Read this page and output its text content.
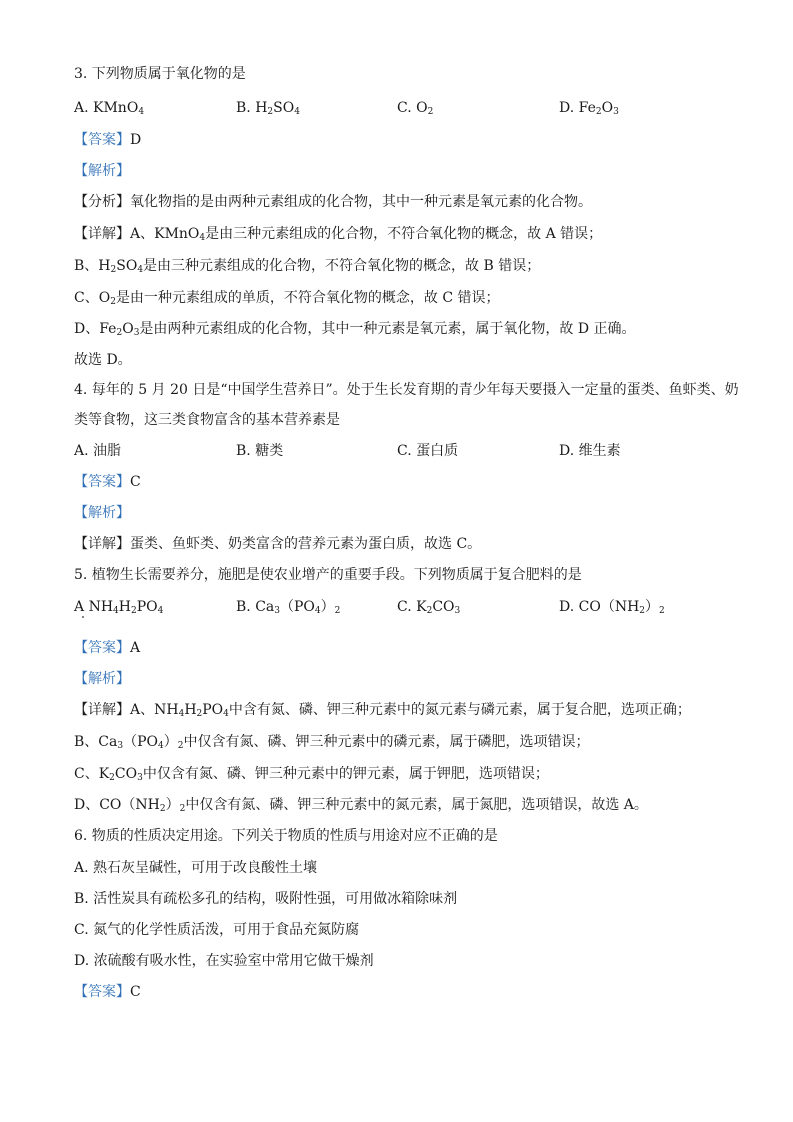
3. 下列物质属于氧化物的是
A. KMnO$_4$	B. $H_2SO_4$	C. $O_2$	D. $Fe_2O_3$
【答案】D
【解析】
【分析】氧化物指的是由两种元素组成的化合物，其中一种元素是氧元素的化合物。
【详解】A、KMnO$_4$是由三种元素组成的化合物，不符合氧化物的概念，故 A 错误；
B、$H_2SO_4$是由三种元素组成的化合物，不符合氧化物的概念，故 B 错误；
C、$O_2$是由一种元素组成的单质，不符合氧化物的概念，故 C 错误；
D、$Fe_2O_3$是由两种元素组成的化合物，其中一种元素是氧元素，属于氧化物，故 D 正确。
故选 D。
4. 每年的 5 月 20 日是“中国学生营养日”。处于生长发育期的青少年每天要摄入一定量的蛋类、鱼虾类、奶
类等食物，这三类食物富含的基本营养素是
A. 油脂	B. 糖类	C. 蛋白质	D. 维生素
【答案】C
【解析】
【详解】蛋类、鱼虾类、奶类富含的营养元素为蛋白质，故选 C。
5. 植物生长需要养分，施肥是使农业增产的重要手段。下列物质属于复合肥料的是
A $NH_4H_2PO_4$	B. $Ca_3(PO_4)_2$	C. $K_2CO_3$	D. $CO(NH_2)_2$
【答案】A
【解析】
【详解】A、$NH_4H_2PO_4$中含有氮、磷、钾三种元素中的氮元素与磷元素，属于复合肥，选项正确；
B、$Ca_3(PO_4)_2$中仅含有氮、磷、钾三种元素中的磷元素，属于磷肥，选项错误；
C、$K_2CO_3$中仅含有氮、磷、钾三种元素中的钾元素，属于钾肥，选项错误；
D、$CO(NH_2)_2$中仅含有氮、磷、钾三种元素中的氮元素，属于氮肥，选项错误，故选 A。
6. 物质的性质决定用途。下列关于物质的性质与用途对应不正确的是
A. 熟石灰呈碱性，可用于改良酸性土壤
B. 活性炭具有疏松多孔的结构，吸附性强，可用做冰箱除味剂
C. 氮气的化学性质活泼，可用于食品充氮防腐
D. 浓硫酸有吸水性，在实验室中常用它做干燥剂
【答案】C
